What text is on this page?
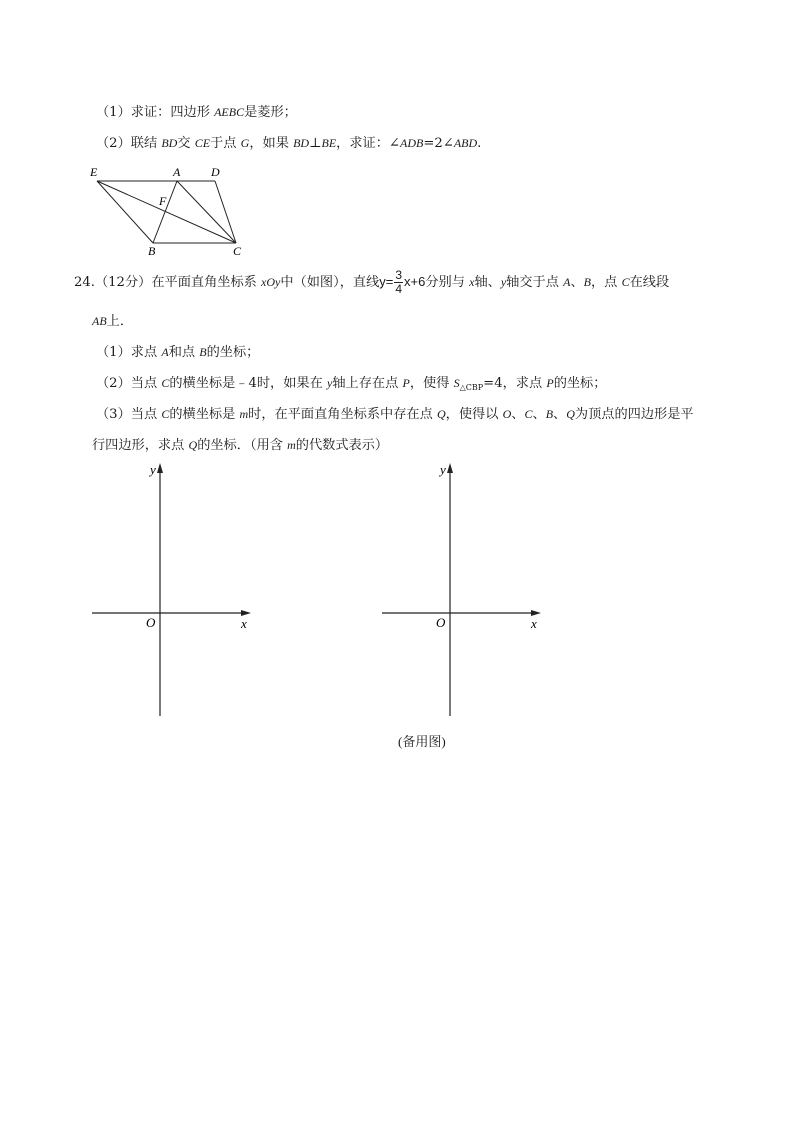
（1）求证：四边形 AEBC是菱形；
（2）联结 BD交 CE于点 G，如果 BD⊥BE，求证：∠ADB=2∠ABD.
E	A	D
F
B	C
24.（12分）在平面直角坐标系 xOy中（如图），直线$y= \frac{3}{4} x+6$分别与 x轴、y轴交于点 A、B，点 C在线段
AB上．
（1）求点 A和点 B的坐标；
（2）当点 C的横坐标是﹣4时，如果在 y轴上存在点 P，使得 $S_{\triangle CBP}=4$，求点 P的坐标；
（3）当点 C的横坐标是 m时，在平面直角坐标系中存在点 Q，使得以 O、C、B、Q为顶点的四边形是平
行四边形，求点 Q的坐标．（用含 m的代数式表示）
y
x
O
y
x
O
(备用图)
